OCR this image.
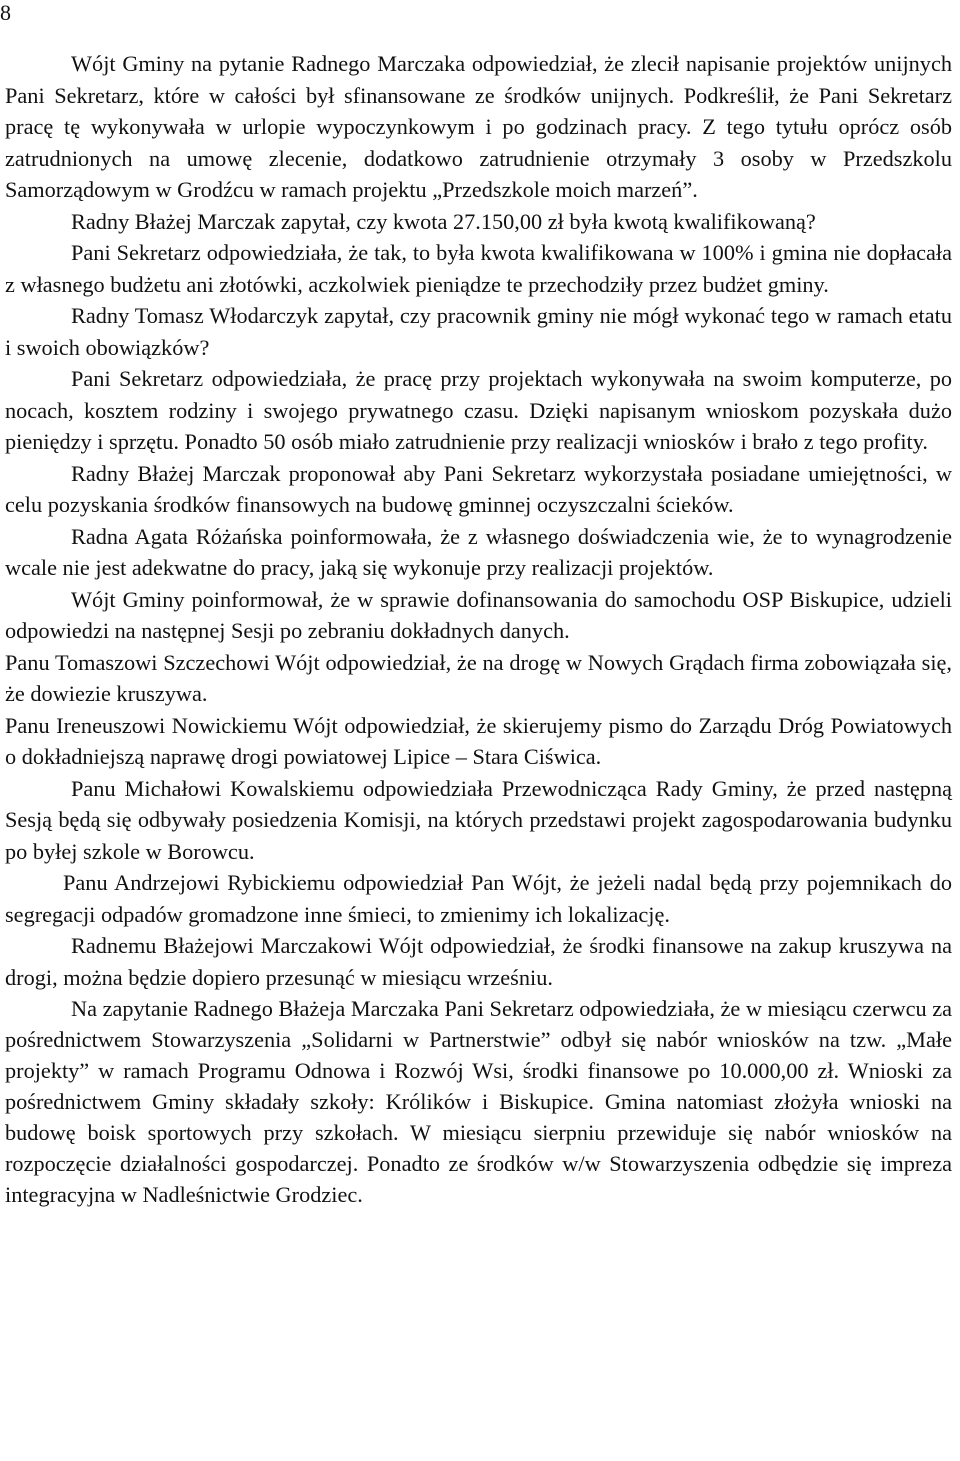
8

Wójt Gminy na pytanie Radnego Marczaka odpowiedział, że zlecił napisanie projektów unijnych Pani Sekretarz, które w całości był sfinansowane ze środków unijnych. Podkreślił, że Pani Sekretarz pracę tę wykonywała w urlopie wypoczynkowym i po godzinach pracy. Z tego tytułu oprócz osób zatrudnionych na umowę zlecenie, dodatkowo zatrudnienie otrzymały 3 osoby w Przedszkolu Samorządowym w Grodźcu w ramach projektu „Przedszkole moich marzeń”.

Radny Błażej Marczak zapytał, czy kwota 27.150,00 zł była kwotą kwalifikowaną?

Pani Sekretarz odpowiedziała, że tak, to była kwota kwalifikowana w 100% i gmina nie dopłacała z własnego budżetu ani złotówki, aczkolwiek pieniądze te przechodziły przez budżet gminy.

Radny Tomasz Włodarczyk zapytał, czy pracownik gminy nie mógł wykonać tego w ramach etatu i swoich obowiązków?

Pani Sekretarz odpowiedziała, że pracę przy projektach wykonywała na swoim komputerze, po nocach, kosztem rodziny i swojego prywatnego czasu. Dzięki napisanym wnioskom pozyskała dużo pieniędzy i sprzętu. Ponadto 50 osób miało zatrudnienie przy realizacji wniosków i brało z tego profity.

Radny Błażej Marczak proponował aby Pani Sekretarz wykorzystała posiadane umiejętności, w celu pozyskania środków finansowych na budowę gminnej oczyszczalni ścieków.

Radna Agata Różańska poinformowała, że z własnego doświadczenia wie, że to wynagrodzenie wcale nie jest adekwatne do pracy, jaką się wykonuje przy realizacji projektów.

Wójt Gminy poinformował, że w sprawie dofinansowania do samochodu OSP Biskupice, udzieli odpowiedzi na następnej Sesji po zebraniu dokładnych danych.

Panu Tomaszowi Szczechowi Wójt odpowiedział, że na drogę w Nowych Grądach firma zobowiązała się, że dowiezie kruszywa.

Panu Ireneuszowi Nowickiemu Wójt odpowiedział, że skierujemy pismo do Zarządu Dróg Powiatowych o dokładniejszą naprawę drogi powiatowej Lipice – Stara Ciświca.

Panu Michałowi Kowalskiemu odpowiedziała Przewodnicząca Rady Gminy, że przed następną Sesją będą się odbywały posiedzenia Komisji, na których przedstawi projekt zagospodarowania budynku po byłej szkole w Borowcu.

Panu Andrzejowi Rybickiemu odpowiedział Pan Wójt, że jeżeli nadal będą przy pojemnikach do segregacji odpadów gromadzone inne śmieci, to zmienimy ich lokalizację.

Radnemu Błażejowi Marczakowi Wójt odpowiedział, że środki finansowe na zakup kruszywa na drogi, można będzie dopiero przesunąć w miesiącu wrześniu.

Na zapytanie Radnego Błażeja Marczaka Pani Sekretarz odpowiedziała, że w miesiącu czerwcu za pośrednictwem Stowarzyszenia „Solidarni w Partnerstwie” odbył się nabór wniosków na tzw. „Małe projekty” w ramach Programu Odnowa i Rozwój Wsi, środki finansowe po 10.000,00 zł. Wnioski za pośrednictwem Gminy składały szkoły: Królików i Biskupice. Gmina natomiast złożyła wnioski na budowę boisk sportowych przy szkołach. W miesiącu sierpniu przewiduje się nabór wniosków na rozpoczęcie działalności gospodarczej. Ponadto ze środków w/w Stowarzyszenia odbędzie się impreza integracyjna w Nadleśnictwie Grodziec.
